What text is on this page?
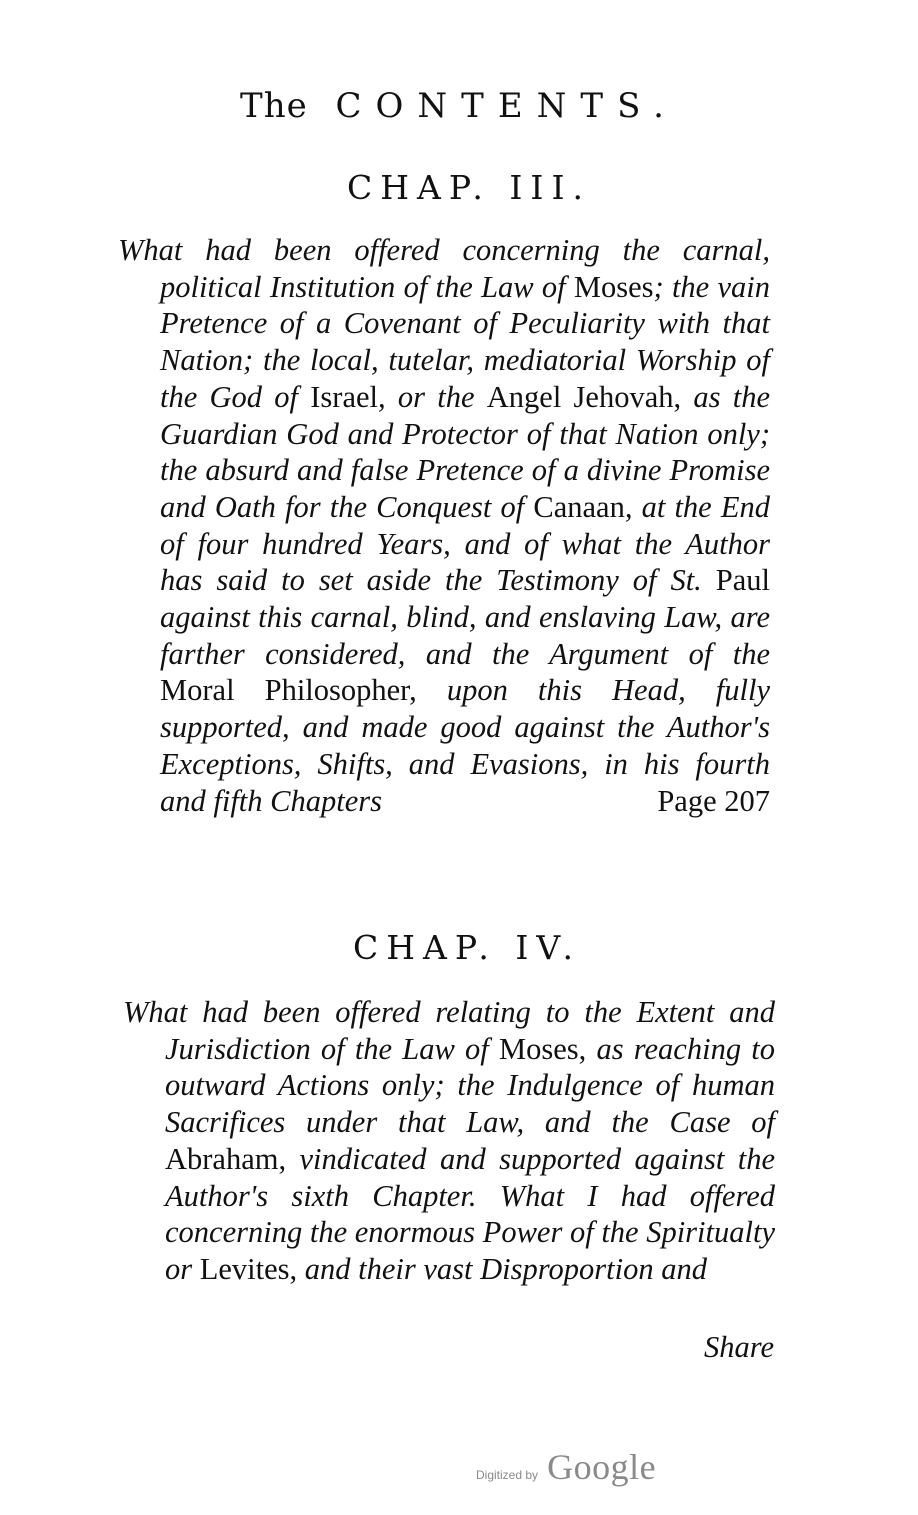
The CONTENTS.
CHAP. III.

What had been offered concerning the carnal, political Institution of the Law of Moses; the vain Pretence of a Covenant of Peculiarity with that Nation; the local, tutelar, mediatorial Worship of the God of Israel, or the Angel Jehovah, as the Guardian God and Protector of that Nation only; the absurd and false Pretence of a divine Promise and Oath for the Conquest of Canaan, at the End of four hundred Years, and of what the Author has said to set aside the Testimony of St. Paul against this carnal, blind, and enslaving Law, are farther considered, and the Argument of the Moral Philosopher, upon this Head, fully supported, and made good against the Author's Exceptions, Shifts, and Evasions, in his fourth and fifth Chapters	Page 207

CHAP. IV.

What had been offered relating to the Extent and Jurisdiction of the Law of Moses, as reaching to outward Actions only; the Indulgence of human Sacrifices under that Law, and the Case of Abraham, vindicated and supported against the Author's sixth Chapter. What I had offered concerning the enormous Power of the Spiritualty or Levites, and their vast Disproportion and

Share
Digitized by Google
